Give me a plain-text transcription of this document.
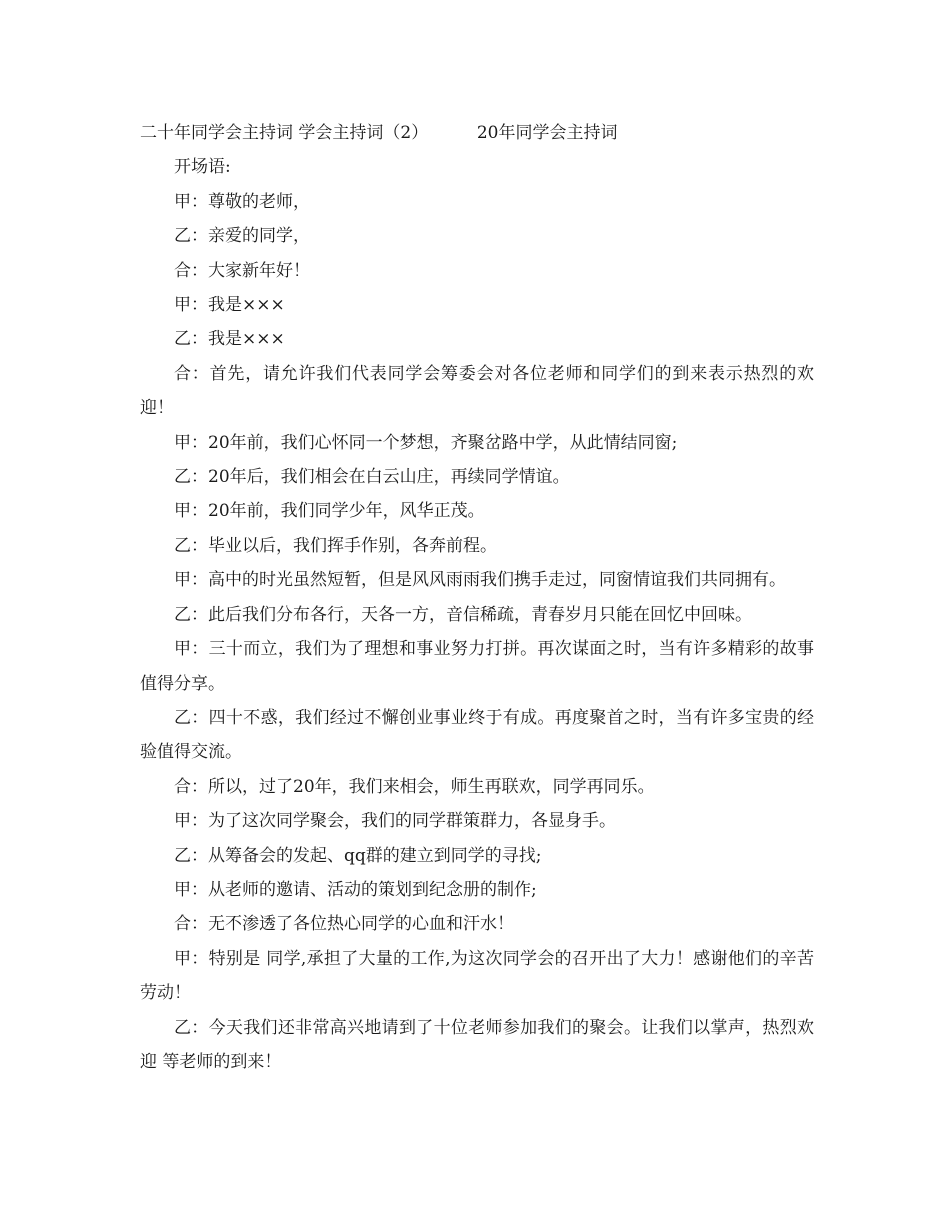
二十年同学会主持词 学会主持词（2）         20年同学会主持词

开场语:

甲：尊敬的老师，

乙：亲爱的同学，

合：大家新年好！

甲：我是×××

乙：我是×××

合：首先，请允许我们代表同学会筹委会对各位老师和同学们的到来表示热烈的欢迎！

甲：20年前，我们心怀同一个梦想，齐聚岔路中学，从此情结同窗;

乙：20年后，我们相会在白云山庄，再续同学情谊。

甲：20年前，我们同学少年，风华正茂。

乙：毕业以后，我们挥手作别，各奔前程。

甲：高中的时光虽然短暂，但是风风雨雨我们携手走过，同窗情谊我们共同拥有。

乙：此后我们分布各行，天各一方，音信稀疏，青春岁月只能在回忆中回味。

甲：三十而立，我们为了理想和事业努力打拼。再次谋面之时，当有许多精彩的故事值得分享。

乙：四十不惑，我们经过不懈创业事业终于有成。再度聚首之时，当有许多宝贵的经验值得交流。

合：所以，过了20年，我们来相会，师生再联欢，同学再同乐。

甲：为了这次同学聚会，我们的同学群策群力，各显身手。

乙：从筹备会的发起、qq群的建立到同学的寻找;

甲：从老师的邀请、活动的策划到纪念册的制作;

合：无不渗透了各位热心同学的心血和汗水！

甲：特别是 同学,承担了大量的工作,为这次同学会的召开出了大力！感谢他们的辛苦劳动！

乙：今天我们还非常高兴地请到了十位老师参加我们的聚会。让我们以掌声，热烈欢迎 等老师的到来！
